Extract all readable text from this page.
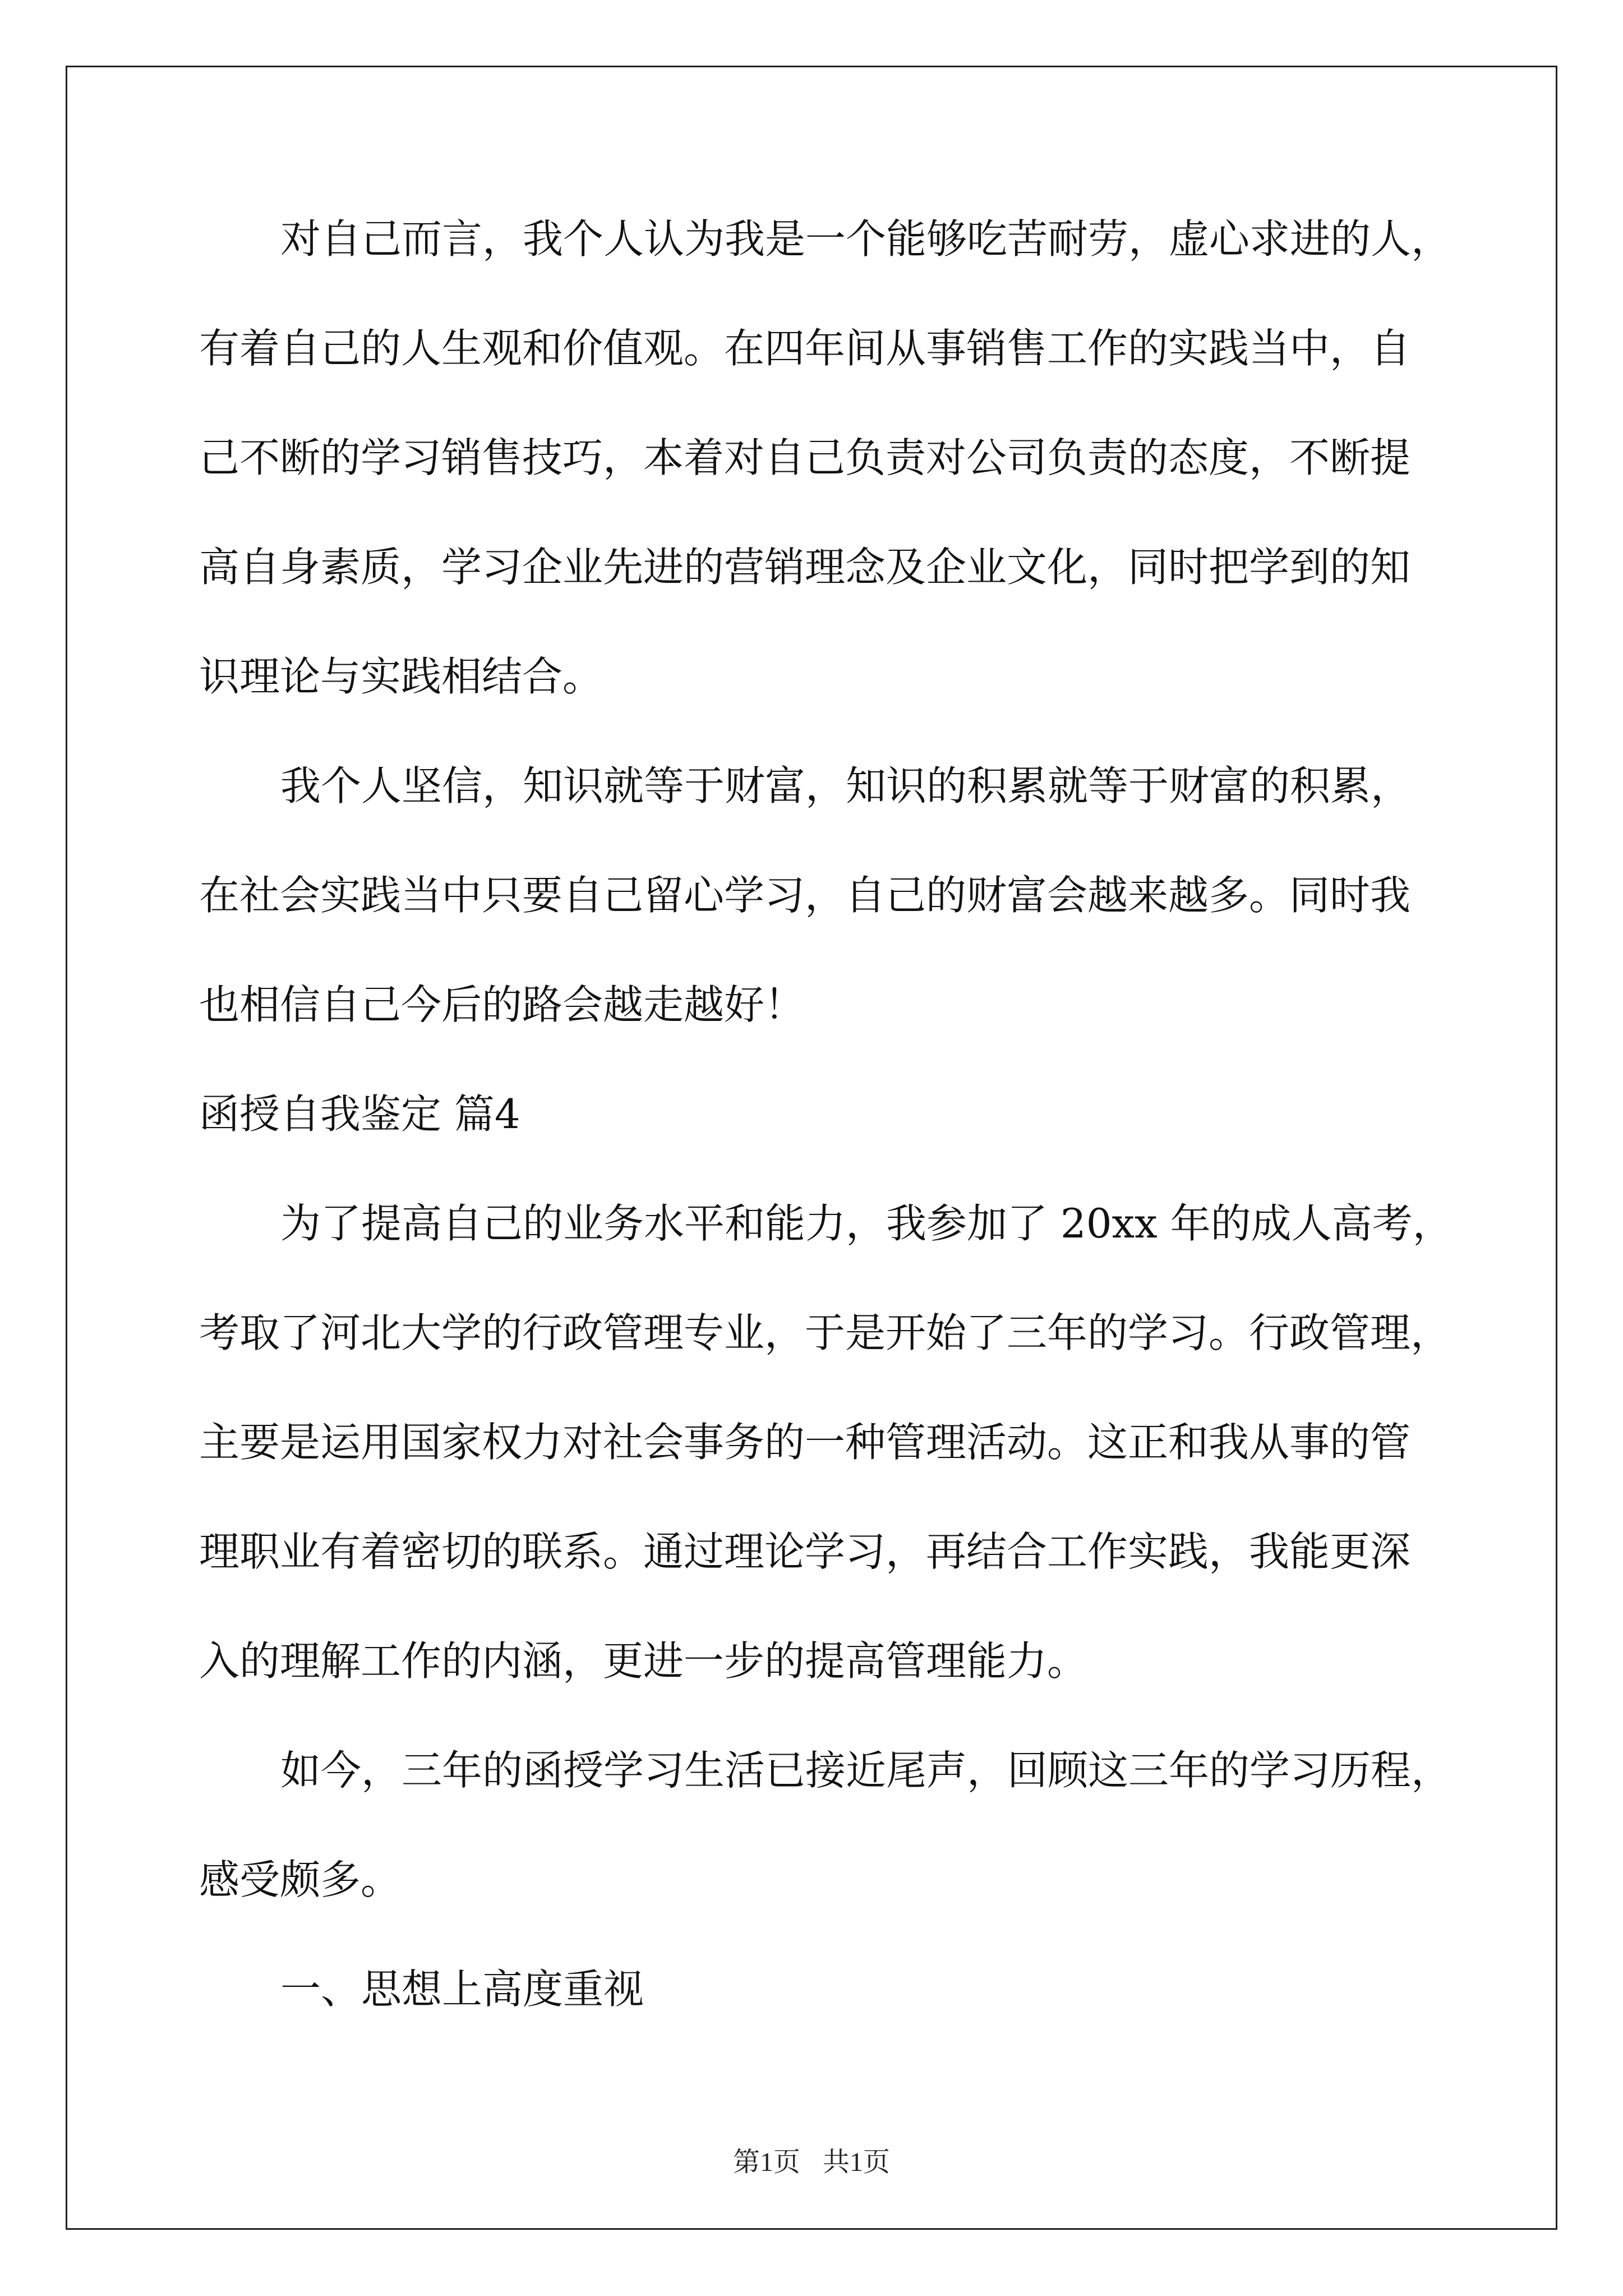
对自己而言，我个人认为我是一个能够吃苦耐劳，虚心求进的人，
有着自己的人生观和价值观。在四年间从事销售工作的实践当中，自
己不断的学习销售技巧，本着对自己负责对公司负责的态度，不断提
高自身素质，学习企业先进的营销理念及企业文化，同时把学到的知
识理论与实践相结合。
我个人坚信，知识就等于财富，知识的积累就等于财富的积累，
在社会实践当中只要自己留心学习，自己的财富会越来越多。同时我
也相信自己今后的路会越走越好！
函授自我鉴定 篇4
为了提高自己的业务水平和能力，我参加了 20xx 年的成人高考，
考取了河北大学的行政管理专业，于是开始了三年的学习。行政管理，
主要是运用国家权力对社会事务的一种管理活动。这正和我从事的管
理职业有着密切的联系。通过理论学习，再结合工作实践，我能更深
入的理解工作的内涵，更进一步的提高管理能力。
如今，三年的函授学习生活已接近尾声，回顾这三年的学习历程，
感受颇多。
一、思想上高度重视
第1页 共1页
